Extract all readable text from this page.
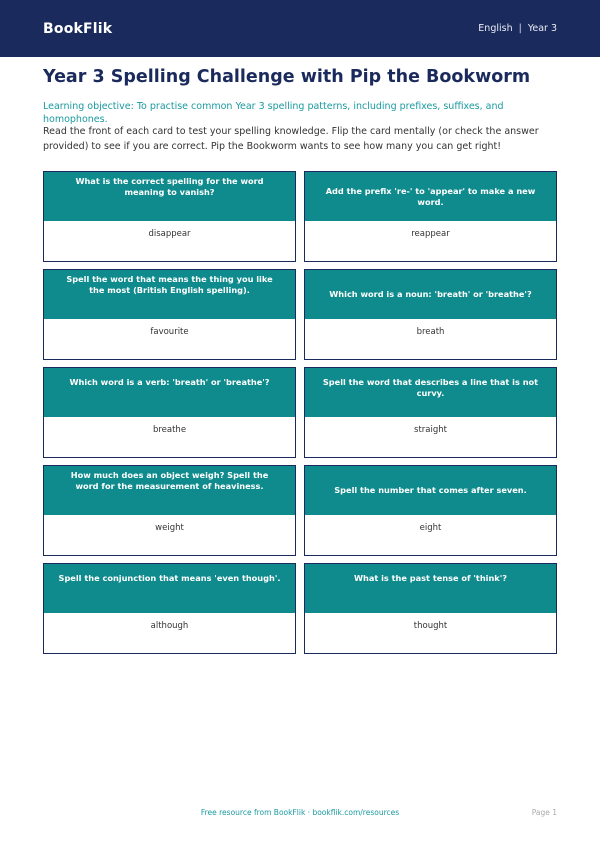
BookFlik	English | Year 3
Year 3 Spelling Challenge with Pip the Bookworm

Learning objective: To practise common Year 3 spelling patterns, including prefixes, suffixes, and homophones.

Read the front of each card to test your spelling knowledge. Flip the card mentally (or check the answer provided) to see if you are correct. Pip the Bookworm wants to see how many you can get right!

What is the correct spelling for the word meaning to vanish?
disappear
Add the prefix 're-' to 'appear' to make a new word.
reappear
Spell the word that means the thing you like the most (British English spelling).
favourite
Which word is a noun: 'breath' or 'breathe'?
breath
Which word is a verb: 'breath' or 'breathe'?
breathe
Spell the word that describes a line that is not curvy.
straight
How much does an object weigh? Spell the word for the measurement of heaviness.
weight
Spell the number that comes after seven.
eight
Spell the conjunction that means 'even though'.
although
What is the past tense of 'think'?
thought
Free resource from BookFlik · bookflik.com/resources	Page 1
